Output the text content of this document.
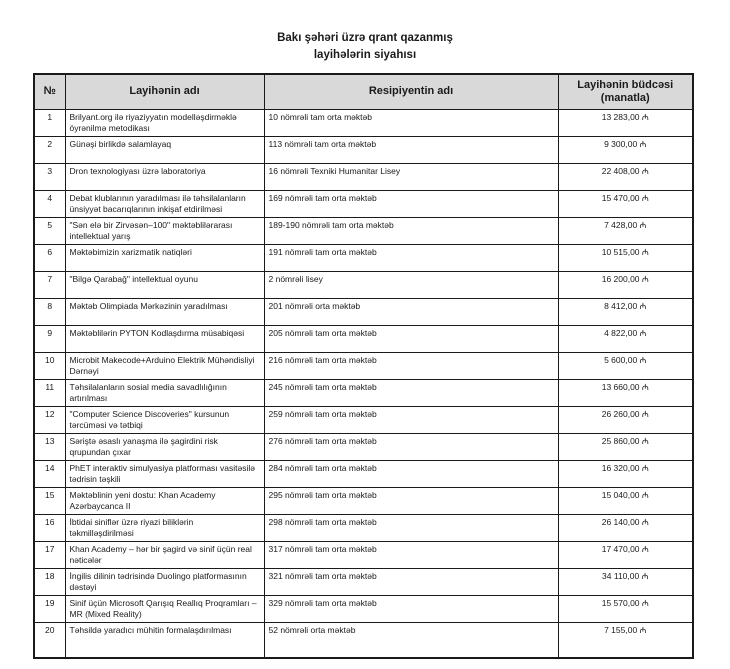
Bakı şəhəri üzrə qrant qazanmış
layihələrin siyahısı
№	Layihənin adı	Resipiyentin adı	Layihənin büdcəsi (manatla)
1	Brilyant.org ilə riyaziyyatın modelləşdirməklə öyrənilmə metodikası	10 nömrəli tam orta məktəb	13 283,00 ₼
2	Günəşi birlikdə salamlayaq	113 nömrəli tam orta məktəb	9 300,00 ₼
3	Dron texnologiyası üzrə laboratoriya	16 nömrəli Texniki Humanitar Lisey	22 408,00 ₼
4	Debat klublarının yaradılması ilə təhsilalanların ünsiyyət bacarıqlarının inkişaf etdirilməsi	169 nömrəli tam orta məktəb	15 470,00 ₼
5	"Sən elə bir Zirvəsən–100" məktəblilərarası intellektual yarış	189-190 nömrəli tam orta məktəb	7 428,00 ₼
6	Məktəbimizin xarizmatik natiqləri	191 nömrəli tam orta məktəb	10 515,00 ₼
7	"Bilgə Qarabağ" intellektual oyunu	2 nömrəli lisey	16 200,00 ₼
8	Məktəb Olimpiada Mərkəzinin yaradılması	201 nömrəli orta məktəb	8 412,00 ₼
9	Məktəblilərin PYTON Kodlaşdırma müsabiqəsi	205 nömrəli tam orta məktəb	4 822,00 ₼
10	Microbit Makecode+Arduino Elektrik Mühəndisliyi Dərnəyi	216 nömrəli tam orta məktəb	5 600,00 ₼
11	Təhsilalanların sosial media savadlılığının artırılması	245 nömrəli tam orta məktəb	13 660,00 ₼
12	"Computer Science Discoveries" kursunun tərcüməsi və tətbiqi	259 nömrəli tam orta məktəb	26 260,00 ₼
13	Səriştə əsaslı yanaşma ilə şagirdini risk qrupundan çıxar	276 nömrəli tam orta məktəb	25 860,00 ₼
14	PhET interaktiv simulyasiya platforması vasitəsilə tədrisin təşkili	284 nömrəli tam orta məktəb	16 320,00 ₼
15	Məktəblinin yeni dostu: Khan Academy Azərbaycanca II	295 nömrəli tam orta məktəb	15 040,00 ₼
16	İbtidai siniflər üzrə riyazi biliklərin təkmilləşdirilməsi	298 nömrəli tam orta məktəb	26 140,00 ₼
17	Khan Academy – hər bir şagird və sinif üçün real nəticələr	317 nömrəli tam orta məktəb	17 470,00 ₼
18	İngilis dilinin tədrisində Duolingo platformasının dəstəyi	321 nömrəli tam orta məktəb	34 110,00 ₼
19	Sinif üçün Microsoft Qarışıq Reallıq Proqramları – MR (Mixed Reality)	329 nömrəli tam orta məktəb	15 570,00 ₼
20	Təhsildə yaradıcı mühitin formalaşdırılması	52 nömrəli orta məktəb	7 155,00 ₼
